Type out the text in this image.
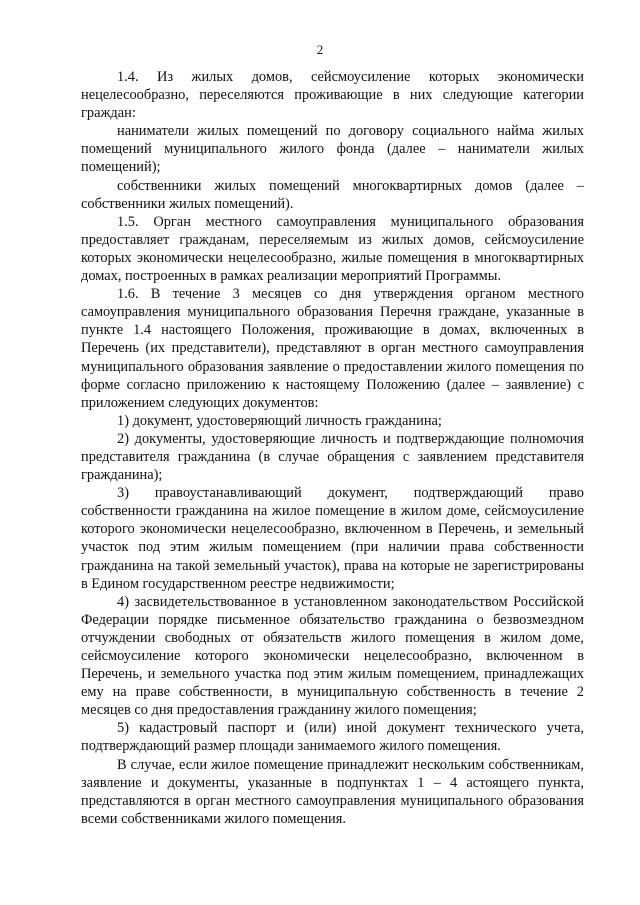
2

1.4. Из жилых домов, сейсмоусиление которых экономически нецелесообразно, переселяются проживающие в них следующие категории граждан:

наниматели жилых помещений по договору социального найма жилых помещений муниципального жилого фонда (далее – наниматели жилых помещений);

собственники жилых помещений многоквартирных домов (далее – собственники жилых помещений).

1.5. Орган местного самоуправления муниципального образования предоставляет гражданам, переселяемым из жилых домов, сейсмоусиление которых экономически нецелесообразно, жилые помещения в многоквартирных домах, построенных в рамках реализации мероприятий Программы.

1.6. В течение 3 месяцев со дня утверждения органом местного самоуправления муниципального образования Перечня граждане, указанные в пункте 1.4 настоящего Положения, проживающие в домах, включенных в Перечень (их представители), представляют в орган местного самоуправления муниципального образования заявление о предоставлении жилого помещения по форме согласно приложению к настоящему Положению (далее – заявление) с приложением следующих документов:

1) документ, удостоверяющий личность гражданина;

2) документы, удостоверяющие личность и подтверждающие полномочия представителя гражданина (в случае обращения с заявлением представителя гражданина);

3) правоустанавливающий документ, подтверждающий право собственности гражданина на жилое помещение в жилом доме, сейсмоусиление которого экономически нецелесообразно, включенном в Перечень, и земельный участок под этим жилым помещением (при наличии права собственности гражданина на такой земельный участок), права на которые не зарегистрированы в Едином государственном реестре недвижимости;

4) засвидетельствованное в установленном законодательством Российской Федерации порядке письменное обязательство гражданина о безвозмездном отчуждении свободных от обязательств жилого помещения в жилом доме, сейсмоусиление которого экономически нецелесообразно, включенном в Перечень, и земельного участка под этим жилым помещением, принадлежащих ему на праве собственности, в муниципальную собственность в течение 2 месяцев со дня предоставления гражданину жилого помещения;

5) кадастровый паспорт и (или) иной документ технического учета, подтверждающий размер площади занимаемого жилого помещения.

В случае, если жилое помещение принадлежит нескольким собственникам, заявление и документы, указанные в подпунктах 1 – 4 астоящего пункта, представляются в орган местного самоуправления муниципального образования всеми собственниками жилого помещения.
